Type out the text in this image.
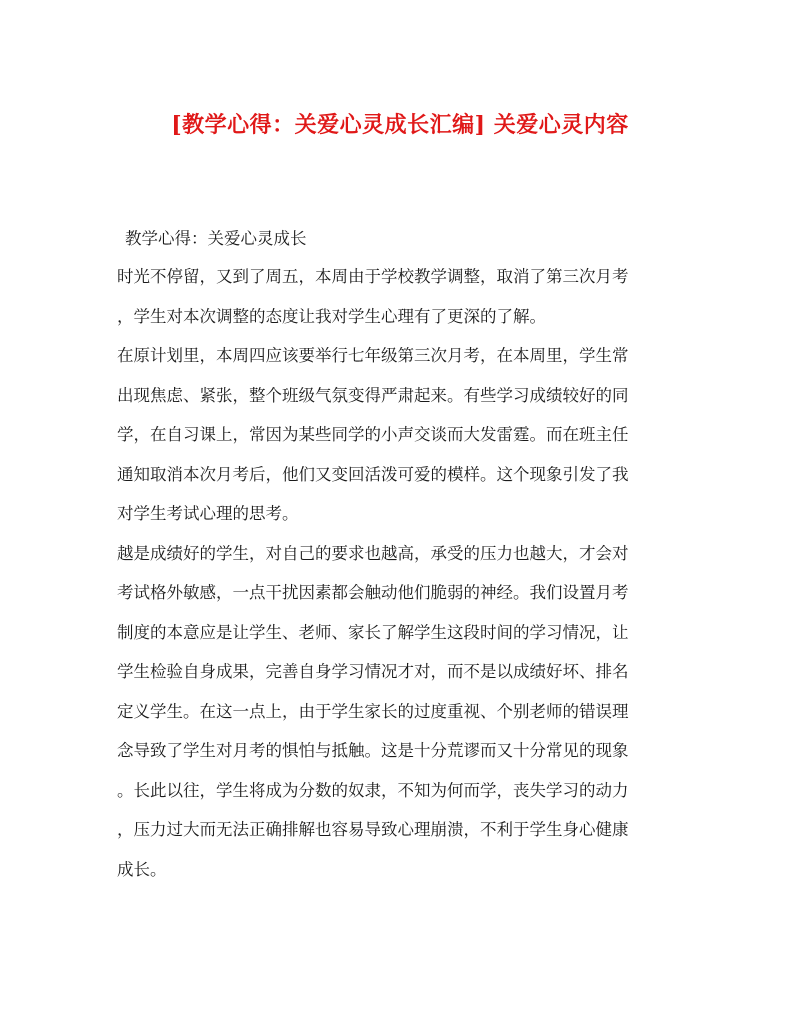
[教学心得：关爱心灵成长汇编] 关爱心灵内容
教学心得：关爱心灵成长
时光不停留，又到了周五，本周由于学校教学调整，取消了第三次月考
，学生对本次调整的态度让我对学生心理有了更深的了解。
在原计划里，本周四应该要举行七年级第三次月考，在本周里，学生常
出现焦虑、紧张，整个班级气氛变得严肃起来。有些学习成绩较好的同
学，在自习课上，常因为某些同学的小声交谈而大发雷霆。而在班主任
通知取消本次月考后，他们又变回活泼可爱的模样。这个现象引发了我
对学生考试心理的思考。
越是成绩好的学生，对自己的要求也越高，承受的压力也越大，才会对
考试格外敏感，一点干扰因素都会触动他们脆弱的神经。我们设置月考
制度的本意应是让学生、老师、家长了解学生这段时间的学习情况，让
学生检验自身成果，完善自身学习情况才对，而不是以成绩好坏、排名
定义学生。在这一点上，由于学生家长的过度重视、个别老师的错误理
念导致了学生对月考的惧怕与抵触。这是十分荒谬而又十分常见的现象
。长此以往，学生将成为分数的奴隶，不知为何而学，丧失学习的动力
，压力过大而无法正确排解也容易导致心理崩溃，不利于学生身心健康
成长。
